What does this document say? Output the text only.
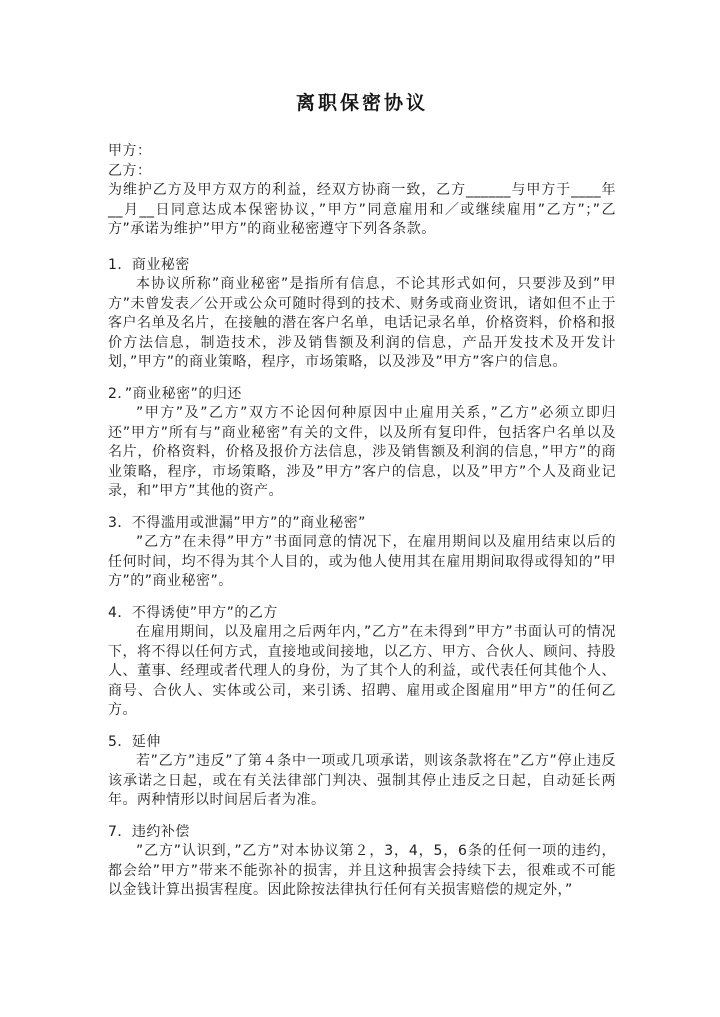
离职保密协议

甲方：

乙方：

为维护乙方及甲方双方的利益，经双方协商一致，乙方______与甲方于____年__月__日同意达成本保密协议，”甲方”同意雇用和／或继续雇用”乙方”；”乙方”承诺为维护”甲方”的商业秘密遵守下列各条款。

1．商业秘密

本协议所称”商业秘密”是指所有信息，不论其形式如何，只要涉及到”甲方”未曾发表／公开或公众可随时得到的技术、财务或商业资讯，诸如但不止于客户名单及名片，在接触的潜在客户名单，电话记录名单，价格资料，价格和报价方法信息，制造技术，涉及销售额及利润的信息，产品开发技术及开发计划，”甲方”的商业策略，程序，市场策略，以及涉及”甲方”客户的信息。

2．”商业秘密”的归还

”甲方”及”乙方”双方不论因何种原因中止雇用关系，”乙方”必须立即归还”甲方”所有与”商业秘密”有关的文件，以及所有复印件，包括客户名单以及名片，价格资料，价格及报价方法信息，涉及销售额及利润的信息，”甲方”的商业策略，程序，市场策略，涉及”甲方”客户的信息，以及”甲方”个人及商业记录，和”甲方”其他的资产。

3．不得滥用或泄漏”甲方”的”商业秘密”

”乙方”在未得”甲方”书面同意的情况下，在雇用期间以及雇用结束以后的任何时间，均不得为其个人目的，或为他人使用其在雇用期间取得或得知的”甲方”的”商业秘密”。

4．不得诱使”甲方”的乙方

在雇用期间，以及雇用之后两年内，”乙方”在未得到”甲方”书面认可的情况下，将不得以任何方式，直接地或间接地，以乙方、甲方、合伙人、顾问、持股人、董事、经理或者代理人的身份，为了其个人的利益，或代表任何其他个人、商号、合伙人、实体或公司，来引诱、招聘、雇用或企图雇用”甲方”的任何乙方。

5．延伸

若”乙方”违反”了第４条中一项或几项承诺，则该条款将在”乙方”停止违反该承诺之日起，或在有关法律部门判决、强制其停止违反之日起，自动延长两年。两种情形以时间居后者为准。

7．违约补偿

”乙方”认识到，”乙方”对本协议第２，3，4，5，6条的任何一项的违约，都会给”甲方”带来不能弥补的损害，并且这种损害会持续下去，很难或不可能以金钱计算出损害程度。因此除按法律执行任何有关损害赔偿的规定外，”
